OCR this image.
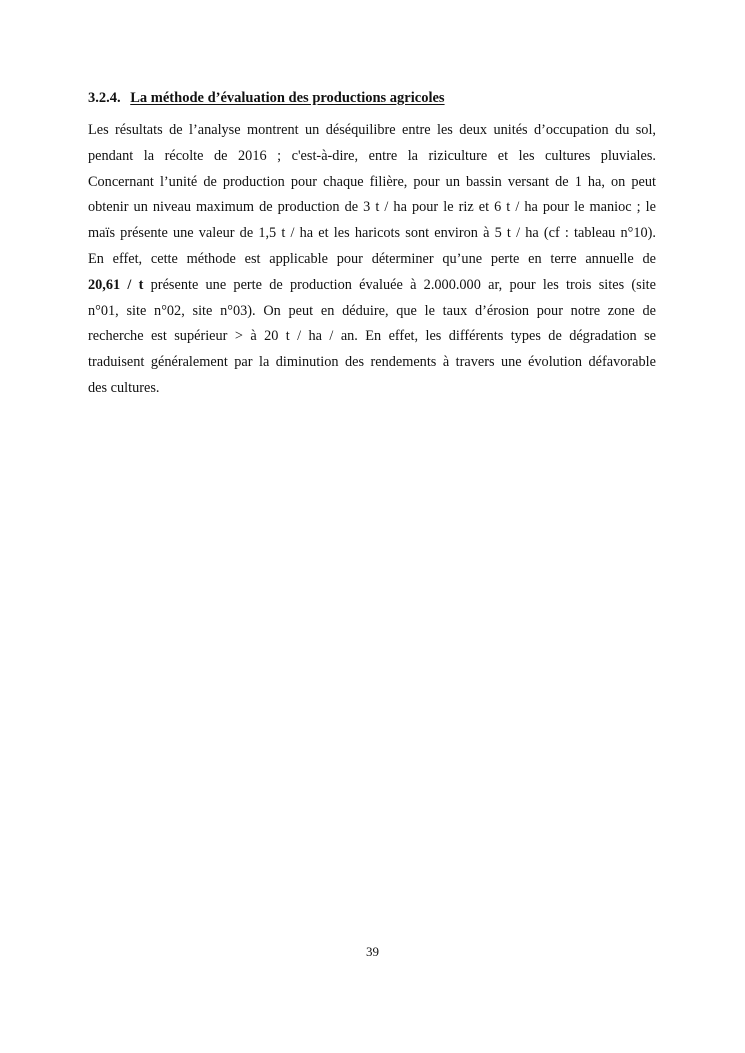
3.2.4. La méthode d’évaluation des productions agricoles
Les résultats de l’analyse montrent un déséquilibre entre les deux unités d’occupation du sol,
pendant la récolte de 2016 ; c'est-à-dire, entre la riziculture et les cultures pluviales.
Concernant l’unité de production pour chaque filière, pour un bassin versant de 1 ha, on peut
obtenir un niveau maximum de production de 3 t / ha pour le riz et 6 t / ha pour le manioc ; le
maïs présente une valeur de 1,5 t / ha et les haricots sont environ à 5 t / ha (cf : tableau n°10).
En effet, cette méthode est applicable pour déterminer qu’une perte en terre annuelle de
20,61 / t présente une perte de production évaluée à 2.000.000 ar, pour les trois sites (site
n°01, site n°02, site n°03). On peut en déduire, que le taux d’érosion pour notre zone de
recherche est supérieur > à 20 t / ha / an. En effet, les différents types de dégradation se
traduisent généralement par la diminution des rendements à travers une évolution défavorable
des cultures.
39
